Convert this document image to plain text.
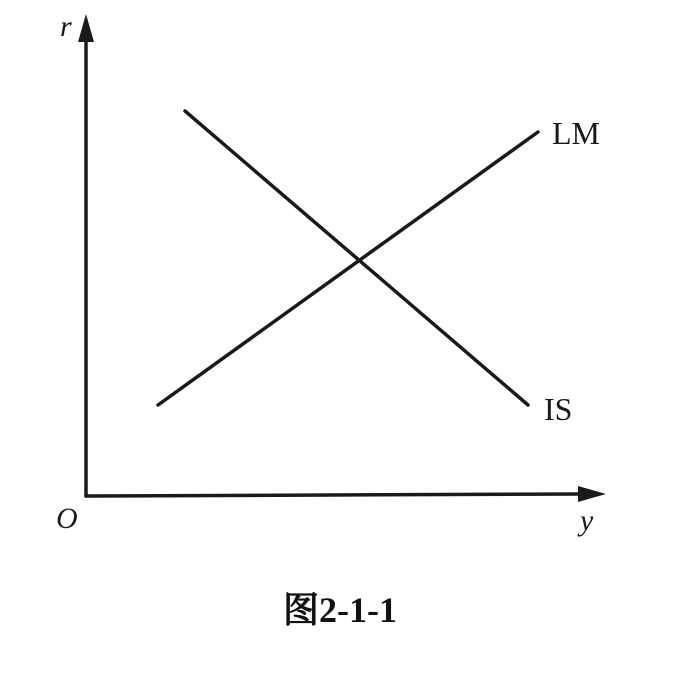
r
O	y
LM
IS
图2-1-1
